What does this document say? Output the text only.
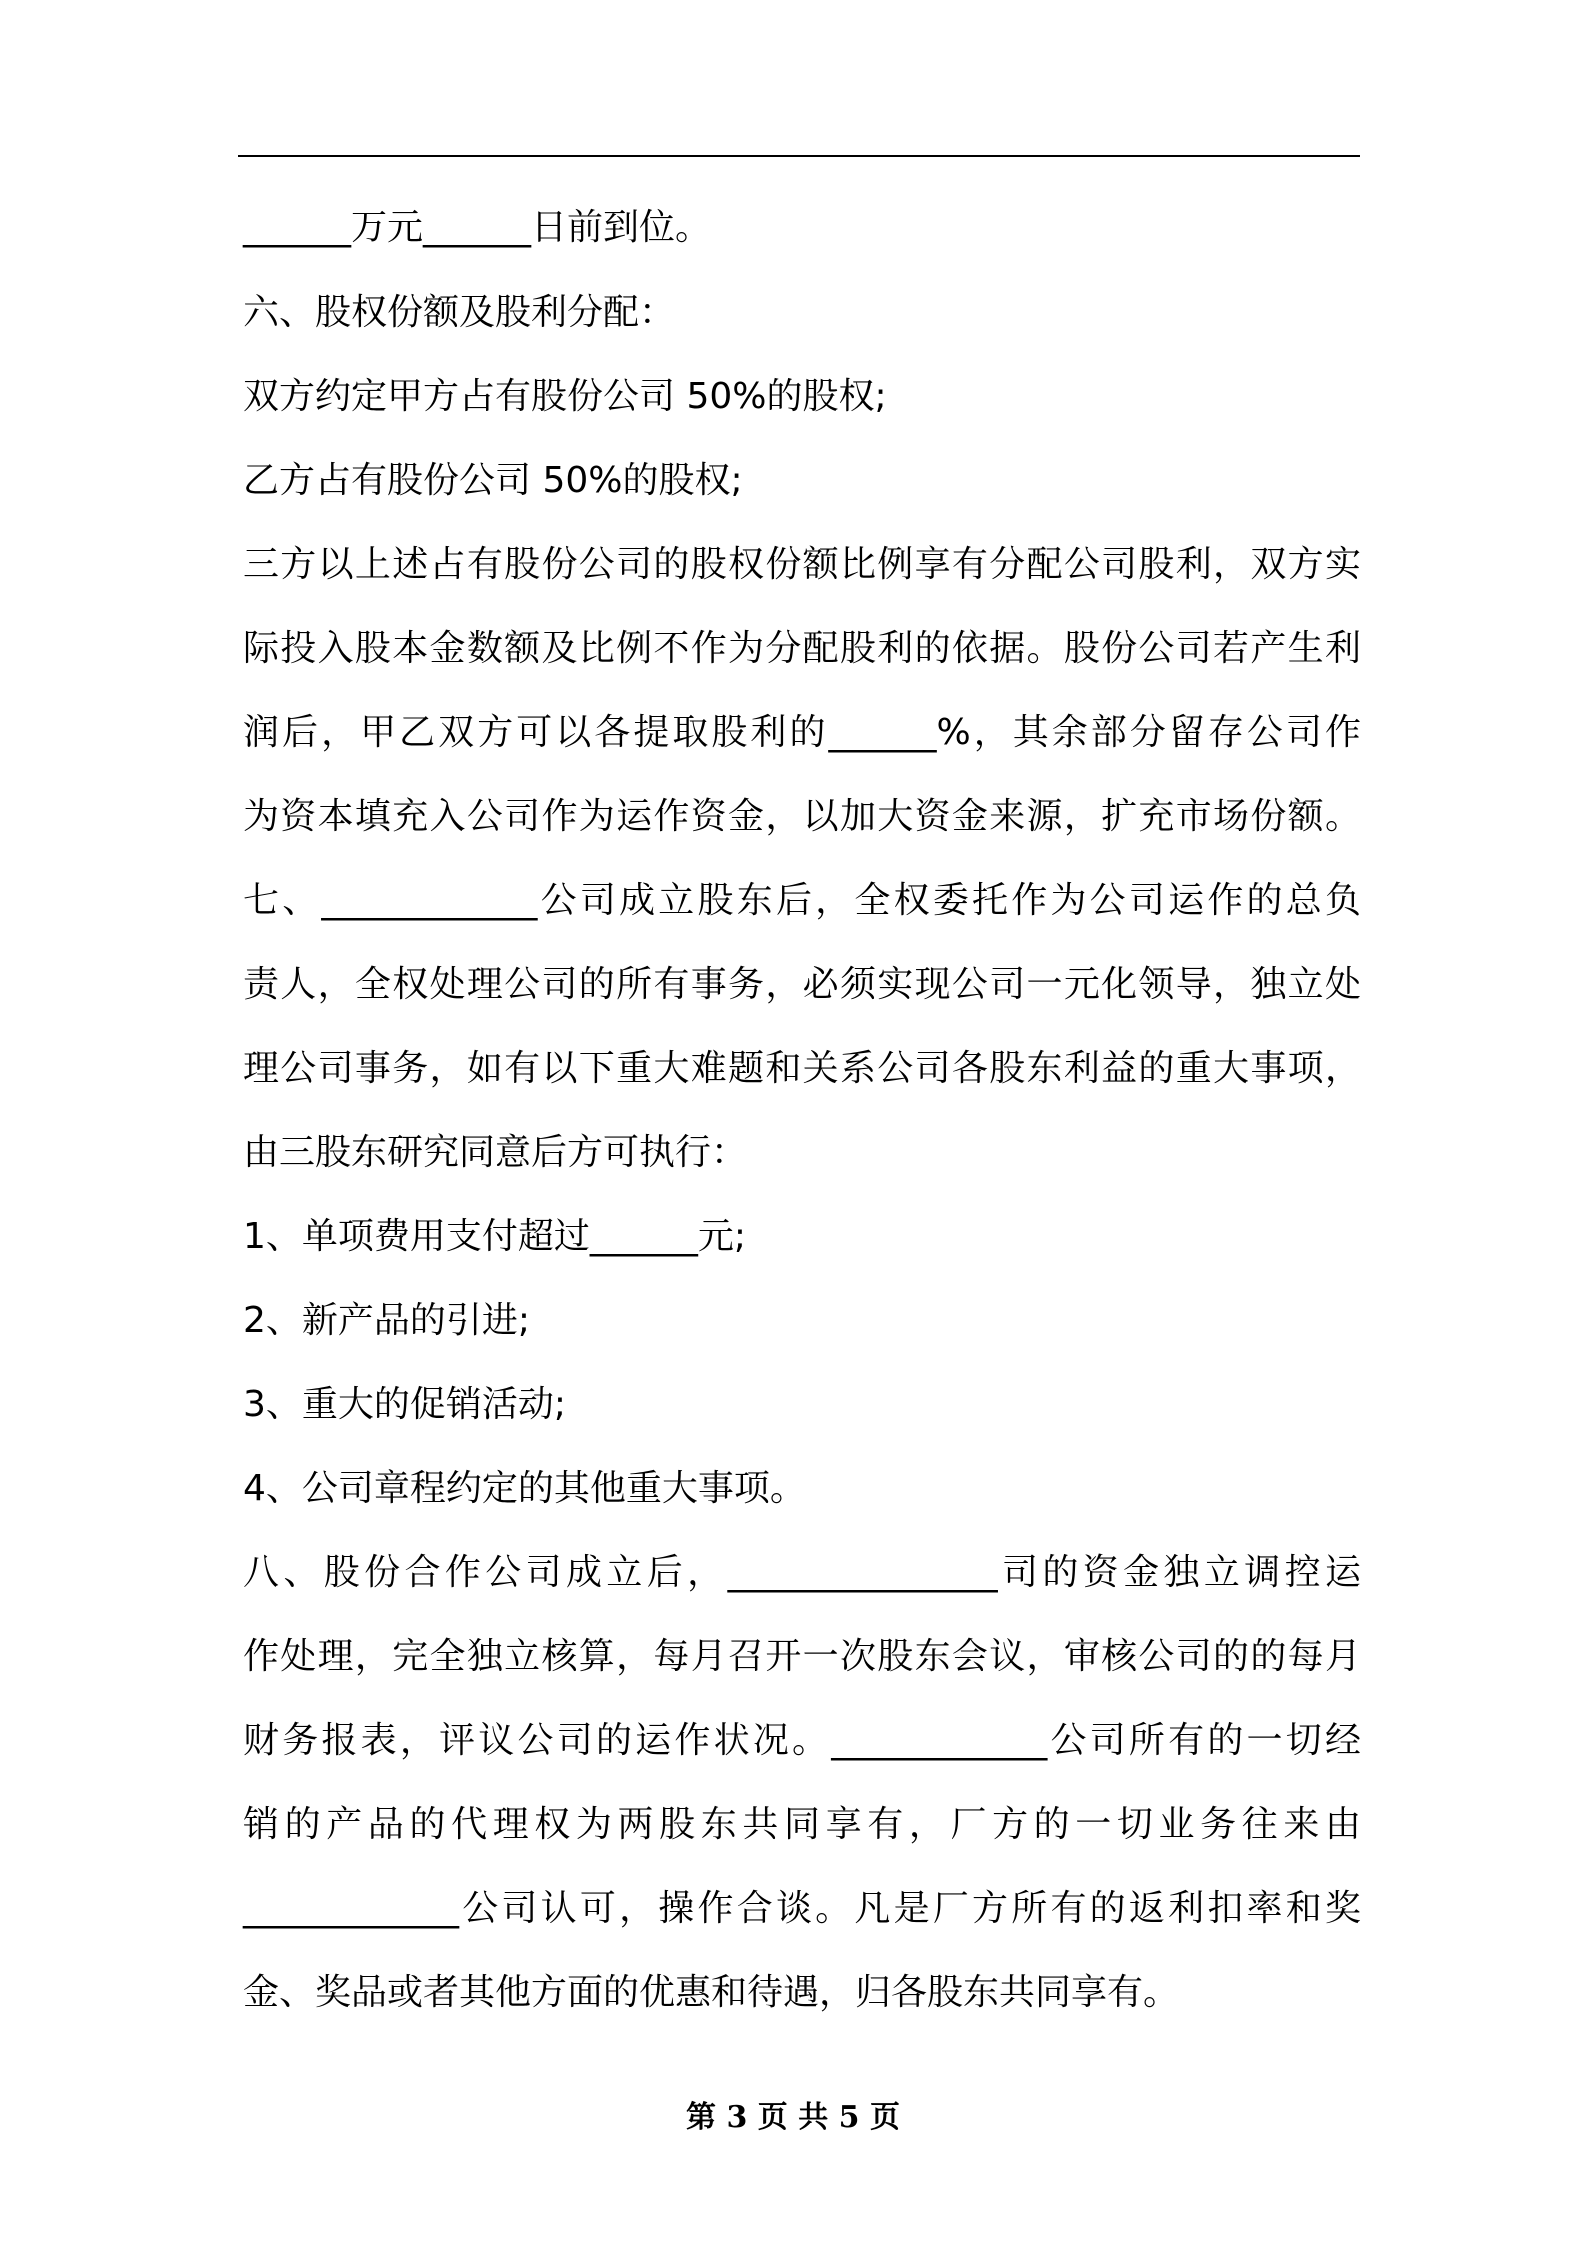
______万元______日前到位。
六、股权份额及股利分配：
双方约定甲方占有股份公司 50%的股权;
乙方占有股份公司 50%的股权;
三方以上述占有股份公司的股权份额比例享有分配公司股利，双方实
际投入股本金数额及比例不作为分配股利的依据。股份公司若产生利
润后，甲乙双方可以各提取股利的______%，其余部分留存公司作
为资本填充入公司作为运作资金，以加大资金来源，扩充市场份额。
七、____________公司成立股东后，全权委托作为公司运作的总负
责人，全权处理公司的所有事务，必须实现公司一元化领导，独立处
理公司事务，如有以下重大难题和关系公司各股东利益的重大事项，
由三股东研究同意后方可执行：
1、单项费用支付超过______元;
2、新产品的引进;
3、重大的促销活动;
4、公司章程约定的其他重大事项。
八、股份合作公司成立后，_______________司的资金独立调控运
作处理，完全独立核算，每月召开一次股东会议，审核公司的的每月
财务报表，评议公司的运作状况。____________公司所有的一切经
销的产品的代理权为两股东共同享有，厂方的一切业务往来由
____________公司认可，操作合谈。凡是厂方所有的返利扣率和奖
金、奖品或者其他方面的优惠和待遇，归各股东共同享有。
第 3 页 共 5 页
